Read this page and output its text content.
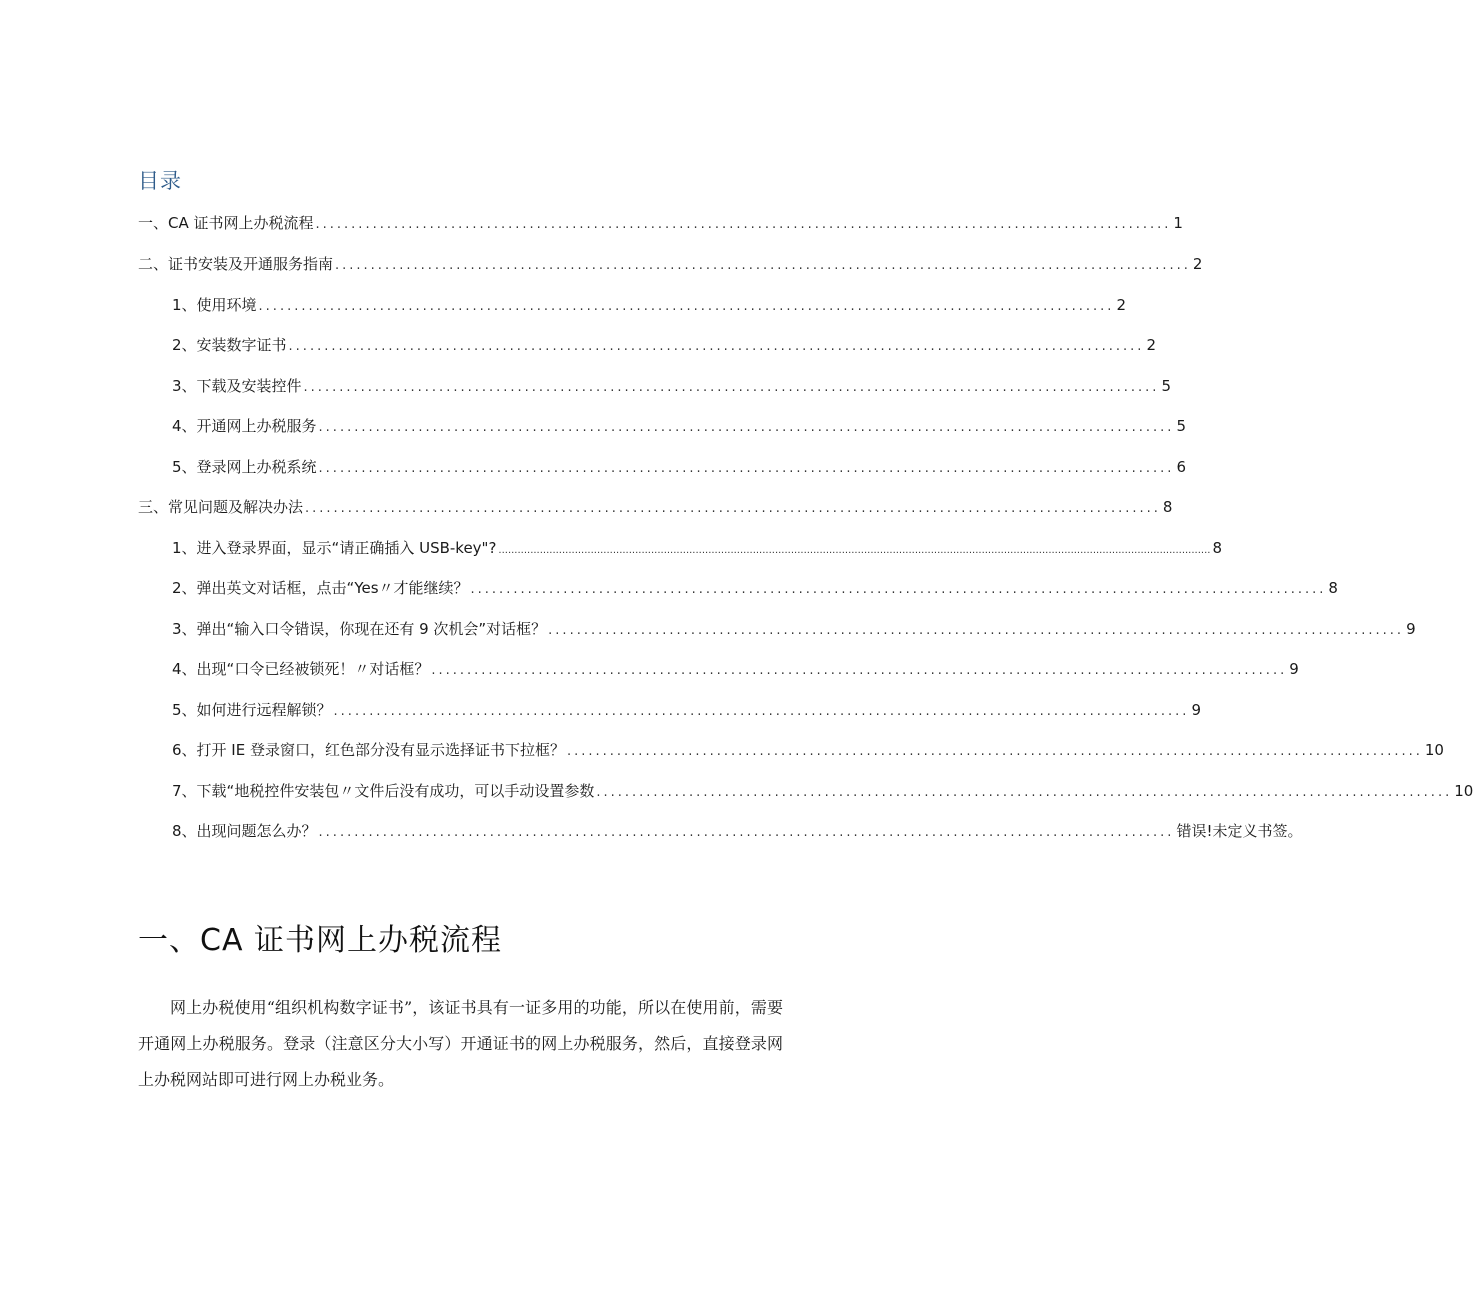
目录
一、CA 证书网上办税流程 ........................................................................................................................ 1
二、证书安装及开通服务指南 ........................................................................................................................ 2
1、使用环境 ........................................................................................................................ 2
2、安装数字证书 ........................................................................................................................ 2
3、下载及安装控件 ........................................................................................................................ 5
4、开通网上办税服务 ........................................................................................................................ 5
5、登录网上办税系统 ........................................................................................................................ 6
三、常见问题及解决办法 ........................................................................................................................ 8
1、进入登录界面，显示“请正确插入 USB-key"? ................................................................................................................................................................................................................................ 8
2、弹出英文对话框，点击“Yes〃才能继续？ ........................................................................................................................ 8
3、弹出“输入口令错误，你现在还有 9 次机会”对话框？ ........................................................................................................................ 9
4、出现“口令已经被锁死！〃对话框？ ........................................................................................................................ 9
5、如何进行远程解锁？ ........................................................................................................................ 9
6、打开 IE 登录窗口，红色部分没有显示选择证书下拉框？ ........................................................................................................................ 10
7、下载“地税控件安装包〃文件后没有成功，可以手动设置参数 ........................................................................................................................ 10
8、出现问题怎么办？ ........................................................................................................................ 错误!未定义书签。
一、CA 证书网上办税流程

网上办税使用“组织机构数字证书”，该证书具有一证多用的功能，所以在使用前，需要开通网上办税服务。登录（注意区分大小写）开通证书的网上办税服务，然后，直接登录网上办税网站即可进行网上办税业务。
